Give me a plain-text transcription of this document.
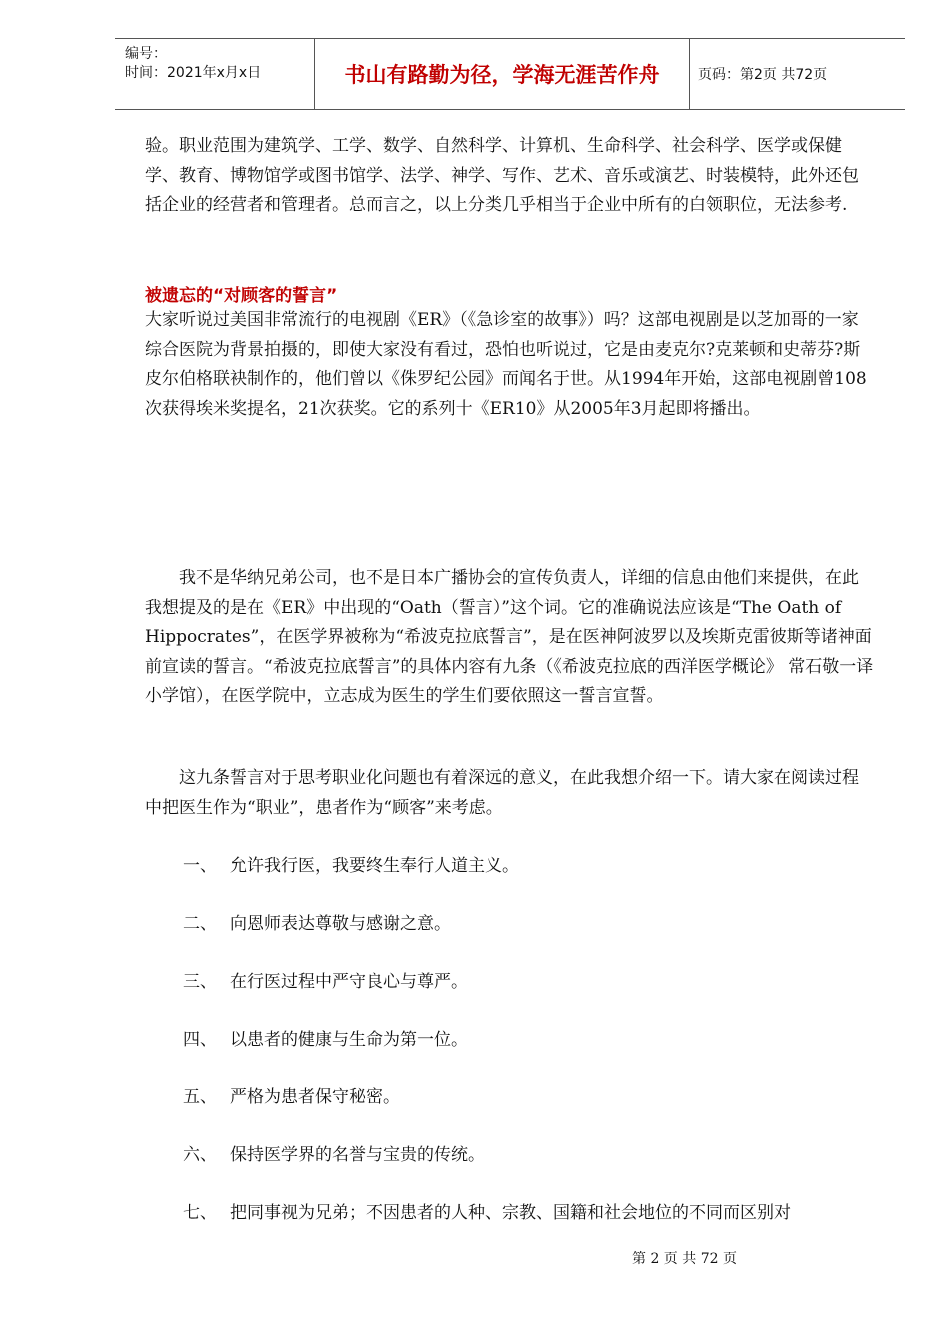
编号：
时间：2021年x月x日	书山有路勤为径，学海无涯苦作舟	页码：第2页 共72页

验。职业范围为建筑学、工学、数学、自然科学、计算机、生命科学、社会科学、医学或保健学、教育、博物馆学或图书馆学、法学、神学、写作、艺术、音乐或演艺、时装模特，此外还包括企业的经营者和管理者。总而言之，以上分类几乎相当于企业中所有的白领职位，无法参考.

被遗忘的“对顾客的誓言”

大家听说过美国非常流行的电视剧《ER》（《急诊室的故事》）吗？这部电视剧是以芝加哥的一家综合医院为背景拍摄的，即使大家没有看过，恐怕也听说过，它是由麦克尔?克莱顿和史蒂芬?斯皮尔伯格联袂制作的，他们曾以《侏罗纪公园》而闻名于世。从1994年开始，这部电视剧曾108次获得埃米奖提名，21次获奖。它的系列十《ER10》从2005年3月起即将播出。

我不是华纳兄弟公司，也不是日本广播协会的宣传负责人，详细的信息由他们来提供，在此我想提及的是在《ER》中出现的“Oath（誓言）”这个词。它的准确说法应该是“The Oath of Hippocrates”，在医学界被称为“希波克拉底誓言”，是在医神阿波罗以及埃斯克雷彼斯等诸神面前宣读的誓言。“希波克拉底誓言”的具体内容有九条（《希波克拉底的西洋医学概论》 常石敬一译 小学馆），在医学院中，立志成为医生的学生们要依照这一誓言宣誓。

这九条誓言对于思考职业化问题也有着深远的意义，在此我想介绍一下。请大家在阅读过程中把医生作为“职业”，患者作为“顾客”来考虑。

一、 允许我行医，我要终生奉行人道主义。
二、 向恩师表达尊敬与感谢之意。
三、 在行医过程中严守良心与尊严。
四、 以患者的健康与生命为第一位。
五、 严格为患者保守秘密。
六、 保持医学界的名誉与宝贵的传统。
七、 把同事视为兄弟；不因患者的人种、宗教、国籍和社会地位的不同而区别对
第 2 页 共 72 页
